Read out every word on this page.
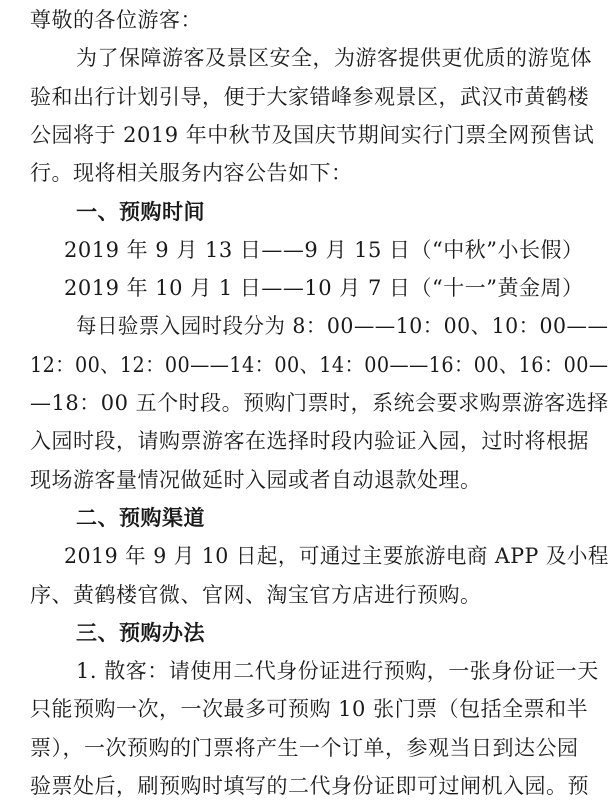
尊敬的各位游客：
为了保障游客及景区安全，为游客提供更优质的游览体
验和出行计划引导，便于大家错峰参观景区，武汉市黄鹤楼
公园将于 2019 年中秋节及国庆节期间实行门票全网预售试
行。现将相关服务内容公告如下：
一、预购时间
2019 年 9 月 13 日——9 月 15 日（“中秋”小长假）
2019 年 10 月 1 日——10 月 7 日（“十一”黄金周）
每日验票入园时段分为 8：00——10：00、10：00——
12：00、12：00——14：00、14：00——16：00、16：00—
—18：00 五个时段。预购门票时，系统会要求购票游客选择
入园时段，请购票游客在选择时段内验证入园，过时将根据
现场游客量情况做延时入园或者自动退款处理。
二、预购渠道
2019 年 9 月 10 日起，可通过主要旅游电商 APP 及小程
序、黄鹤楼官微、官网、淘宝官方店进行预购。
三、预购办法
1. 散客：请使用二代身份证进行预购，一张身份证一天
只能预购一次，一次最多可预购 10 张门票（包括全票和半
票），一次预购的门票将产生一个订单，参观当日到达公园
验票处后，刷预购时填写的二代身份证即可过闸机入园。预
